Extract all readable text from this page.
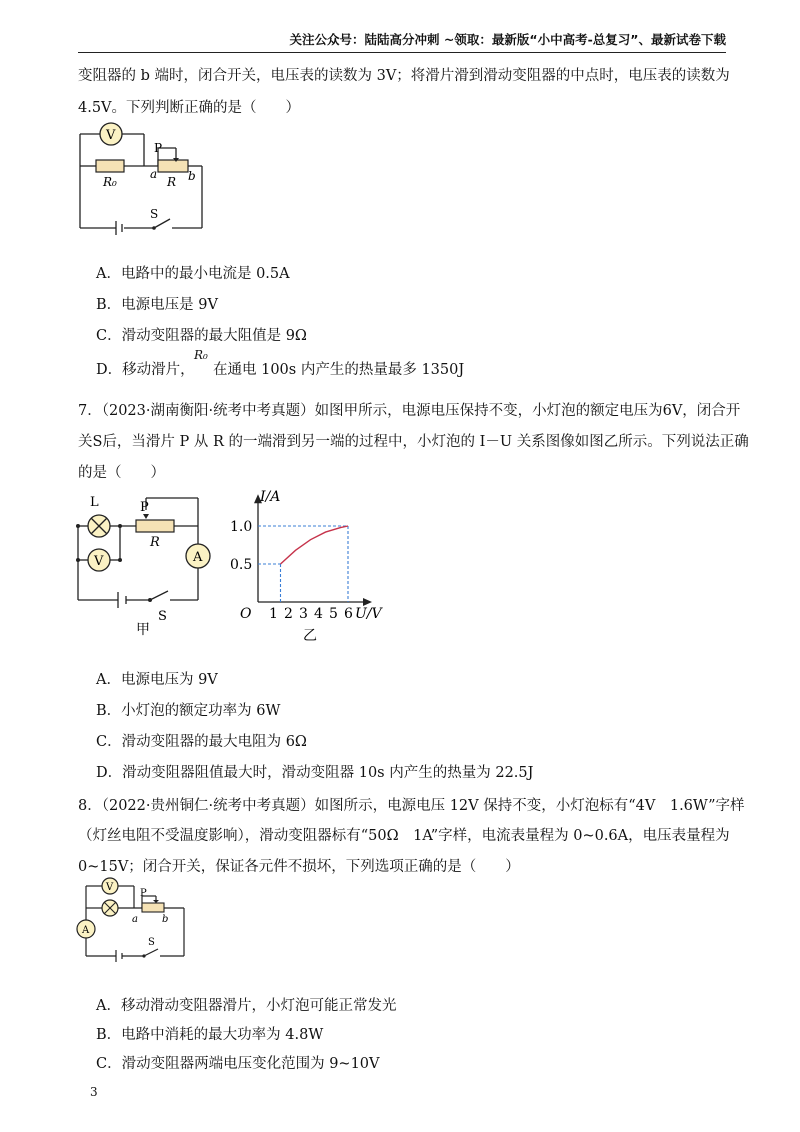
关注公众号：陆陆高分冲刺 ~领取：最新版“小中高考-总复习”、最新试卷下载
变阻器的 b 端时，闭合开关，电压表的读数为 3V；将滑片滑到滑动变阻器的中点时，电压表的读数为
4.5V。下列判断正确的是（　　）
V
P
R₀
a
R b
S
A．电路中的最小电流是 0.5A
B．电源电压是 9V
C．滑动变阻器的最大阻值是 9Ω
D．移动滑片，
R₀
在通电 100s 内产生的热量最多 1350J
7．（2023·湖南衡阳·统考中考真题）如图甲所示，电源电压保持不变，小灯泡的额定电压为6V，闭合开
关S后，当滑片 P 从 R 的一端滑到另一端的过程中，小灯泡的 I－U 关系图像如图乙所示。下列说法正确
的是（　　）
V	A
L	P
R
S
甲
1 2 3 4 5 6
0.5
1.0
O
I/A
U/V
乙
A．电源电压为 9V
B．小灯泡的额定功率为 6W
C．滑动变阻器的最大电阻为 6Ω
D．滑动变阻器阻值最大时，滑动变阻器 10s 内产生的热量为 22.5J
8．（2022·贵州铜仁·统考中考真题）如图所示，电源电压 12V 保持不变，小灯泡标有“4V　1.6W”字样
（灯丝电阻不受温度影响），滑动变阻器标有“50Ω　1A”字样，电流表量程为 0~0.6A，电压表量程为
0~15V；闭合开关，保证各元件不损坏，下列选项正确的是（　　）
V
A
P
a b
S
A．移动滑动变阻器滑片，小灯泡可能正常发光
B．电路中消耗的最大功率为 4.8W
C．滑动变阻器两端电压变化范围为 9~10V
3
